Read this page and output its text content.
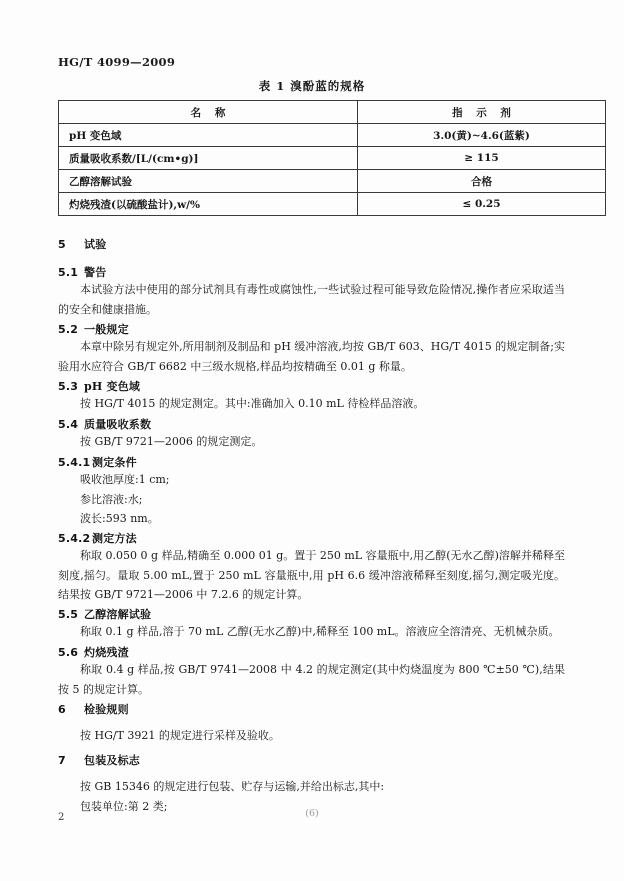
HG/T 4099—2009
表 1 溴酚蓝的规格
名 称	指 示 剂
pH 变色域	3.0(黄)~4.6(蓝紫)
质量吸收系数/[L/(cm•g)]	≥ 115
乙醇溶解试验	合格
灼烧残渣(以硫酸盐计),w/%	≤ 0.25
5 试验
5.1 警告

本试验方法中使用的部分试剂具有毒性或腐蚀性,一些试验过程可能导致危险情况,操作者应采取适当的安全和健康措施。

5.2 一般规定

本章中除另有规定外,所用制剂及制品和 pH 缓冲溶液,均按 GB/T 603、HG/T 4015 的规定制备;实验用水应符合 GB/T 6682 中三级水规格,样品均按精确至 0.01 g 称量。

5.3 pH 变色域

按 HG/T 4015 的规定测定。其中:准确加入 0.10 mL 待检样品溶液。

5.4 质量吸收系数

按 GB/T 9721—2006 的规定测定。

5.4.1 测定条件

吸收池厚度:1 cm;

参比溶液:水;

波长:593 nm。

5.4.2 测定方法

称取 0.050 0 g 样品,精确至 0.000 01 g。置于 250 mL 容量瓶中,用乙醇(无水乙醇)溶解并稀释至刻度,摇匀。量取 5.00 mL,置于 250 mL 容量瓶中,用 pH 6.6 缓冲溶液稀释至刻度,摇匀,测定吸光度。结果按 GB/T 9721—2006 中 7.2.6 的规定计算。

5.5 乙醇溶解试验

称取 0.1 g 样品,溶于 70 mL 乙醇(无水乙醇)中,稀释至 100 mL。溶液应全溶清亮、无机械杂质。

5.6 灼烧残渣

称取 0.4 g 样品,按 GB/T 9741—2008 中 4.2 的规定测定(其中灼烧温度为 800 ℃±50 ℃),结果按 5 的规定计算。

6 检验规则

按 HG/T 3921 的规定进行采样及验收。

7 包装及标志

按 GB 15346 的规定进行包装、贮存与运输,并给出标志,其中:

包装单位:第 2 类;

2	(6)
